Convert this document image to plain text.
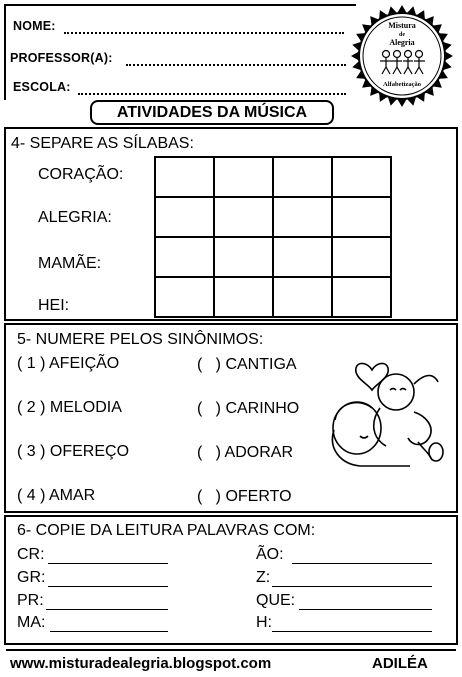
NOME:
PROFESSOR(A):
ESCOLA:
Mistura
de
Alegria
Alfabetização
ATIVIDADES DA MÚSICA
4- SEPARE AS SÍLABAS:
CORAÇÃO:
ALEGRIA:
MAMÃE:
HEI:

5- NUMERE PELOS SINÔNIMOS:
( 1 ) AFEIÇÃO
( 2 ) MELODIA
( 3 ) OFEREÇO
( 4 ) AMAR
(   ) CANTIGA
(   ) CARINHO
(   ) ADORAR
(   ) OFERTO
6- COPIE DA LEITURA PALAVRAS COM:
CR:
GR:
PR:
MA:
ÃO:
Z:
QUE:
H:
www.misturadealegria.blogspot.com	ADILÉA
